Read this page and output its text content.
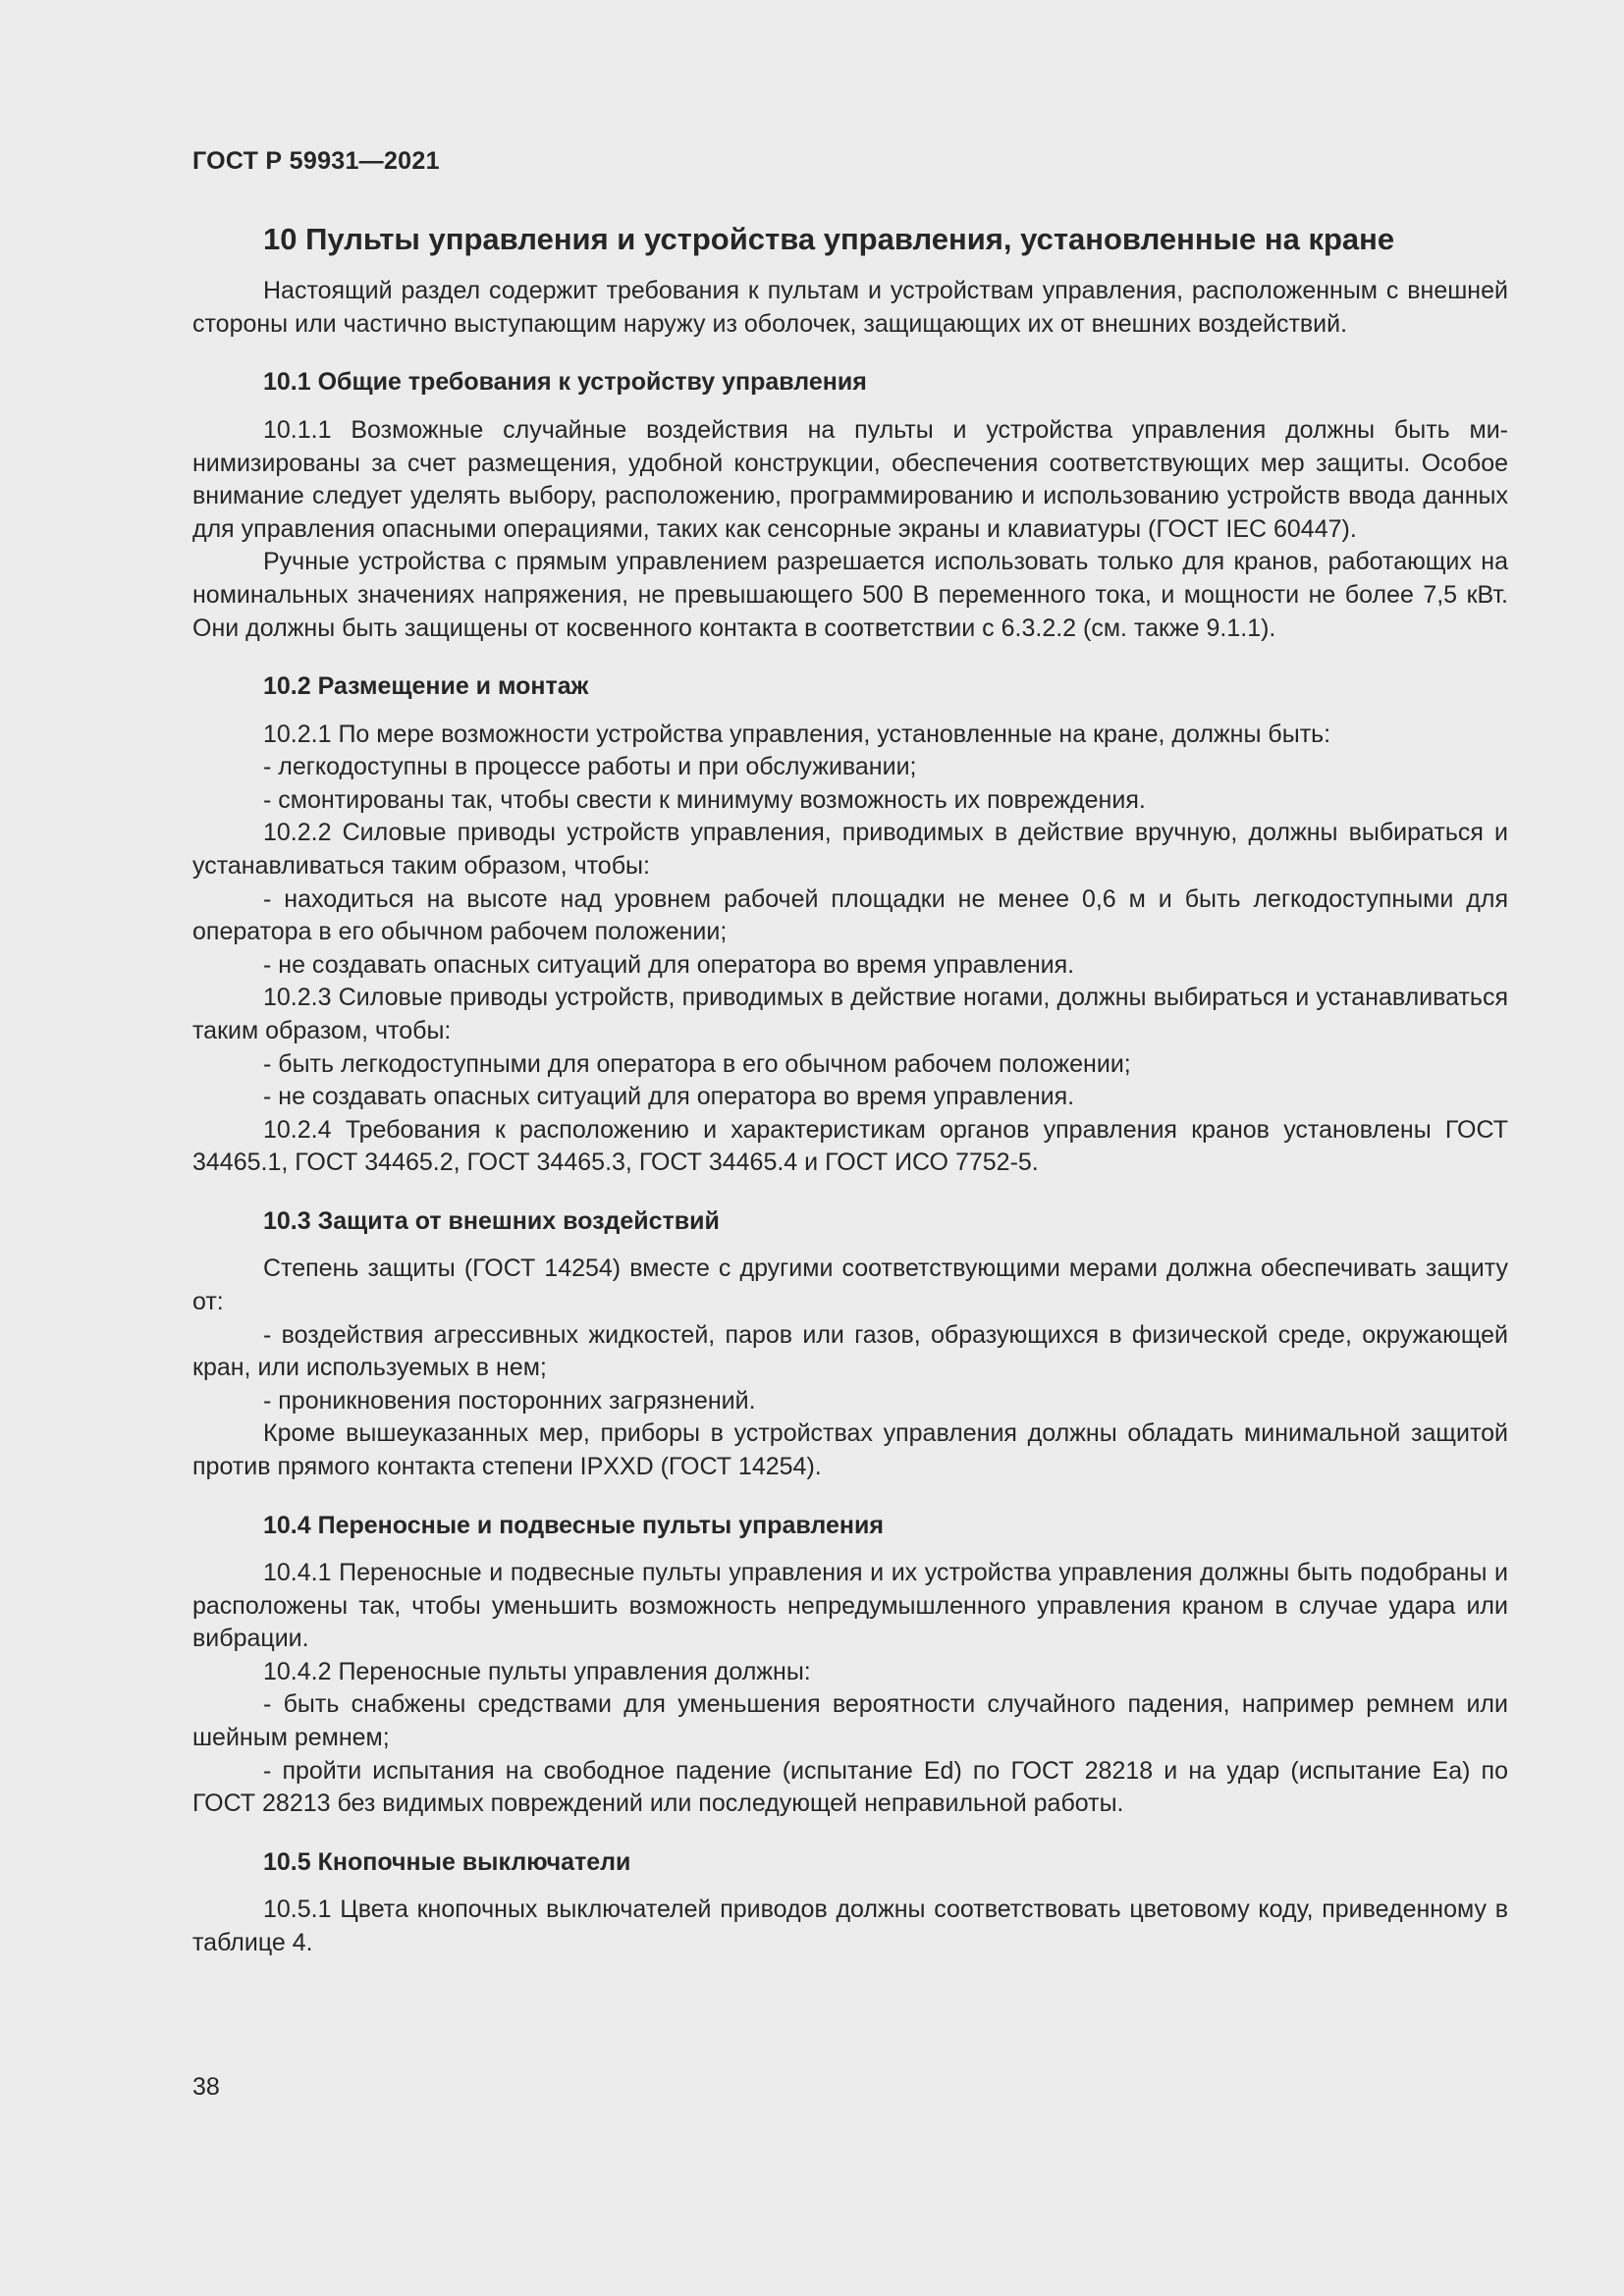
ГОСТ Р 59931—2021
10 Пульты управления и устройства управления, установленные на кране

Настоящий раздел содержит требования к пультам и устройствам управления, расположенным с внешней стороны или частично выступающим наружу из оболочек, защищающих их от внешних воздействий.

10.1 Общие требования к устройству управления

10.1.1 Возможные случайные воздействия на пульты и устройства управления должны быть минимизированы за счет размещения, удобной конструкции, обеспечения соответствующих мер защиты. Особое внимание следует уделять выбору, расположению, программированию и использованию устройств ввода данных для управления опасными операциями, таких как сенсорные экраны и клавиатуры (ГОСТ IEC 60447).

Ручные устройства с прямым управлением разрешается использовать только для кранов, работающих на номинальных значениях напряжения, не превышающего 500 В переменного тока, и мощности не более 7,5 кВт. Они должны быть защищены от косвенного контакта в соответствии с 6.3.2.2 (см. также 9.1.1).

10.2 Размещение и монтаж

10.2.1 По мере возможности устройства управления, установленные на кране, должны быть:

- легкодоступны в процессе работы и при обслуживании;

- смонтированы так, чтобы свести к минимуму возможность их повреждения.

10.2.2 Силовые приводы устройств управления, приводимых в действие вручную, должны выбираться и устанавливаться таким образом, чтобы:

- находиться на высоте над уровнем рабочей площадки не менее 0,6 м и быть легкодоступными для оператора в его обычном рабочем положении;

- не создавать опасных ситуаций для оператора во время управления.

10.2.3 Силовые приводы устройств, приводимых в действие ногами, должны выбираться и устанавливаться таким образом, чтобы:

- быть легкодоступными для оператора в его обычном рабочем положении;

- не создавать опасных ситуаций для оператора во время управления.

10.2.4 Требования к расположению и характеристикам органов управления кранов установлены ГОСТ 34465.1, ГОСТ 34465.2, ГОСТ 34465.3, ГОСТ 34465.4 и ГОСТ ИСО 7752-5.

10.3 Защита от внешних воздействий

Степень защиты (ГОСТ 14254) вместе с другими соответствующими мерами должна обеспечивать защиту от:

- воздействия агрессивных жидкостей, паров или газов, образующихся в физической среде, окружающей кран, или используемых в нем;

- проникновения посторонних загрязнений.

Кроме вышеуказанных мер, приборы в устройствах управления должны обладать минимальной защитой против прямого контакта степени IPXXD (ГОСТ 14254).

10.4 Переносные и подвесные пульты управления

10.4.1 Переносные и подвесные пульты управления и их устройства управления должны быть подобраны и расположены так, чтобы уменьшить возможность непредумышленного управления краном в случае удара или вибрации.

10.4.2 Переносные пульты управления должны:

- быть снабжены средствами для уменьшения вероятности случайного падения, например ремнем или шейным ремнем;

- пройти испытания на свободное падение (испытание Ed) по ГОСТ 28218 и на удар (испытание Ea) по ГОСТ 28213 без видимых повреждений или последующей неправильной работы.

10.5 Кнопочные выключатели

10.5.1 Цвета кнопочных выключателей приводов должны соответствовать цветовому коду, приведенному в таблице 4.

38
